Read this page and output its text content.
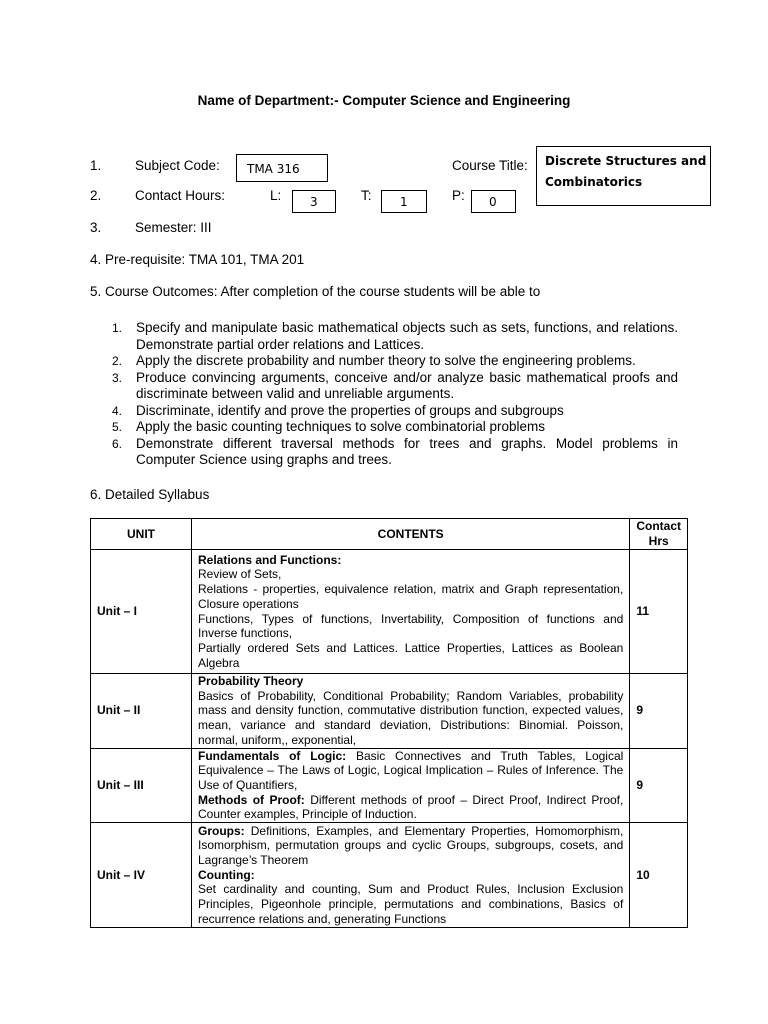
Name of Department:- Computer Science and Engineering
1. Subject Code: TMA 316	Course Title: Discrete Structures and
Combinatorics
2. Contact Hours:	L: 3	T: 1	P: 0
3. Semester: III
4. Pre-requisite: TMA 101, TMA 201
5. Course Outcomes: After completion of the course students will be able to
1. Specify and manipulate basic mathematical objects such as sets, functions, and relations. Demonstrate partial order relations and Lattices.
2. Apply the discrete probability and number theory to solve the engineering problems.
3. Produce convincing arguments, conceive and/or analyze basic mathematical proofs and discriminate between valid and unreliable arguments.
4. Discriminate, identify and prove the properties of groups and subgroups
5. Apply the basic counting techniques to solve combinatorial problems
6. Demonstrate different traversal methods for trees and graphs. Model problems in Computer Science using graphs and trees.
6. Detailed Syllabus
UNIT	CONTENTS	Contact
Hrs

Unit – I	Relations and Functions:
Review of Sets,
Relations - properties, equivalence relation, matrix and Graph representation, Closure operations
Functions, Types of functions, Invertability, Composition of functions and Inverse functions,
Partially ordered Sets and Lattices. Lattice Properties, Lattices as Boolean Algebra	11
Unit – II	Probability Theory
Basics of Probability, Conditional Probability; Random Variables, probability mass and density function, commutative distribution function, expected values, mean, variance and standard deviation, Distributions: Binomial. Poisson, normal, uniform,, exponential,	9
Unit – III	Fundamentals of Logic: Basic Connectives and Truth Tables, Logical Equivalence – The Laws of Logic, Logical Implication – Rules of Inference. The Use of Quantifiers,
Methods of Proof: Different methods of proof – Direct Proof, Indirect Proof, Counter examples, Principle of Induction.	9
Unit – IV	Groups: Definitions, Examples, and Elementary Properties, Homomorphism, Isomorphism, permutation groups and cyclic Groups, subgroups, cosets, and Lagrange’s Theorem
Counting:
Set cardinality and counting, Sum and Product Rules, Inclusion Exclusion Principles, Pigeonhole principle, permutations and combinations, Basics of recurrence relations and, generating Functions	10
